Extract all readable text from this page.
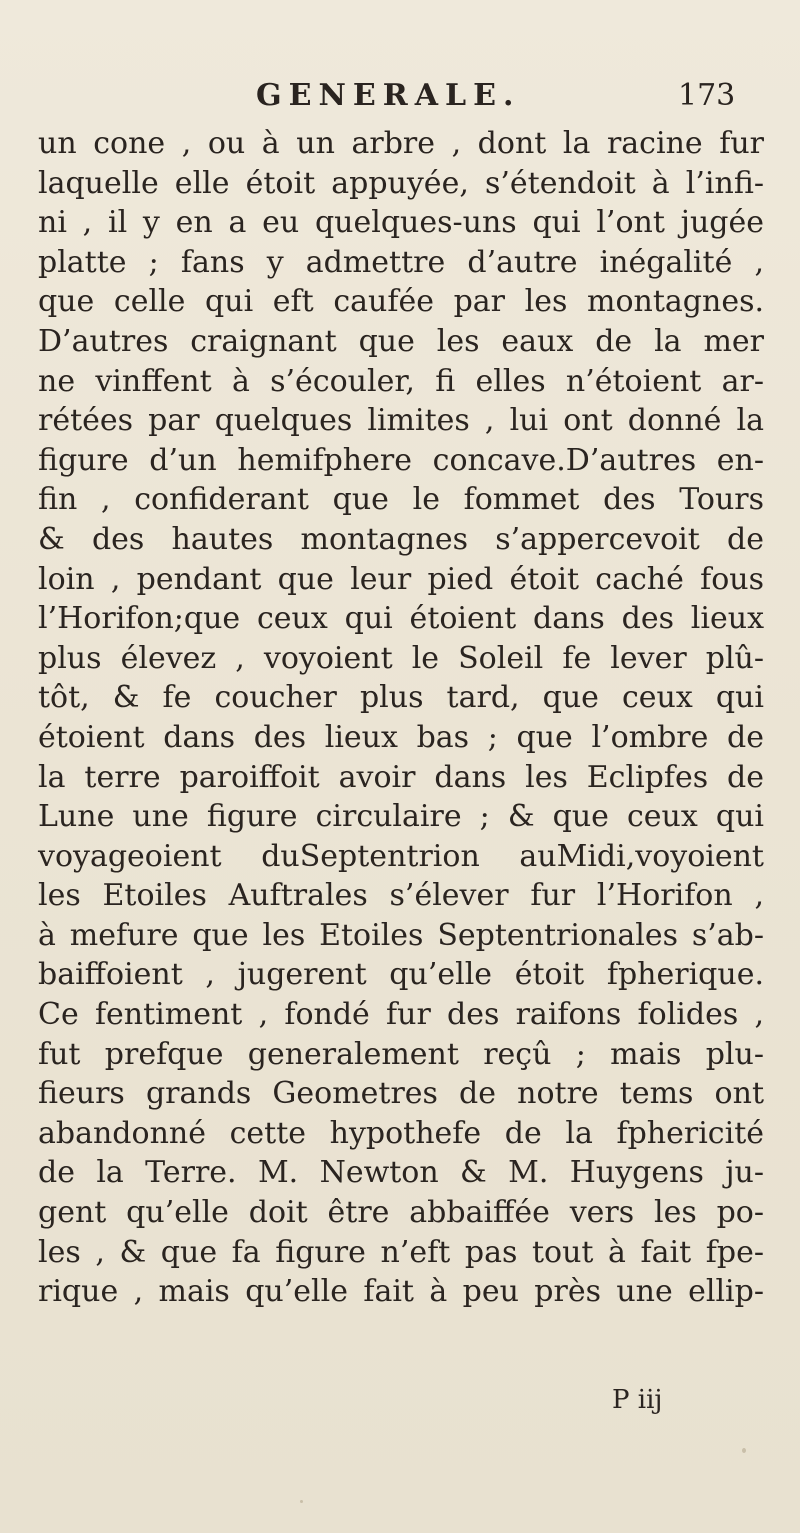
GENERALE.	173
un cone , ou à un arbre , dont la racine fur
laquelle elle étoit appuyée, s’étendoit à l’infi-
ni , il y en a eu quelques-uns qui l’ont jugée
platte ; fans y admettre d’autre inégalité ,
que celle qui eft caufée par les montagnes.
D’autres craignant que les eaux de la mer
ne vinffent à s’écouler, fi elles n’étoient ar-
rétées par quelques limites , lui ont donné la
figure d’un hemifphere concave.D’autres en-
fin , confiderant que le fommet des Tours
& des hautes montagnes s’appercevoit de
loin , pendant que leur pied étoit caché fous
l’Horifon;que ceux qui étoient dans des lieux
plus élevez , voyoient le Soleil fe lever plû-
tôt, & fe coucher plus tard, que ceux qui
étoient dans des lieux bas ; que l’ombre de
la terre paroiffoit avoir dans les Eclipfes de
Lune une figure circulaire ; & que ceux qui
voyageoient duSeptentrion auMidi,voyoient
les Etoiles Auftrales s’élever fur l’Horifon ,
à mefure que les Etoiles Septentrionales s’ab-
baiffoient , jugerent qu’elle étoit fpherique.
Ce fentiment , fondé fur des raifons folides ,
fut prefque generalement reçû ; mais plu-
fieurs grands Geometres de notre tems ont
abandonné cette hypothefe de la fphericité
de la Terre. M. Newton & M. Huygens ju-
gent qu’elle doit être abbaiffée vers les po-
les , & que fa figure n’eft pas tout à fait fpe-
rique , mais qu’elle fait à peu près une ellip-
P iij
